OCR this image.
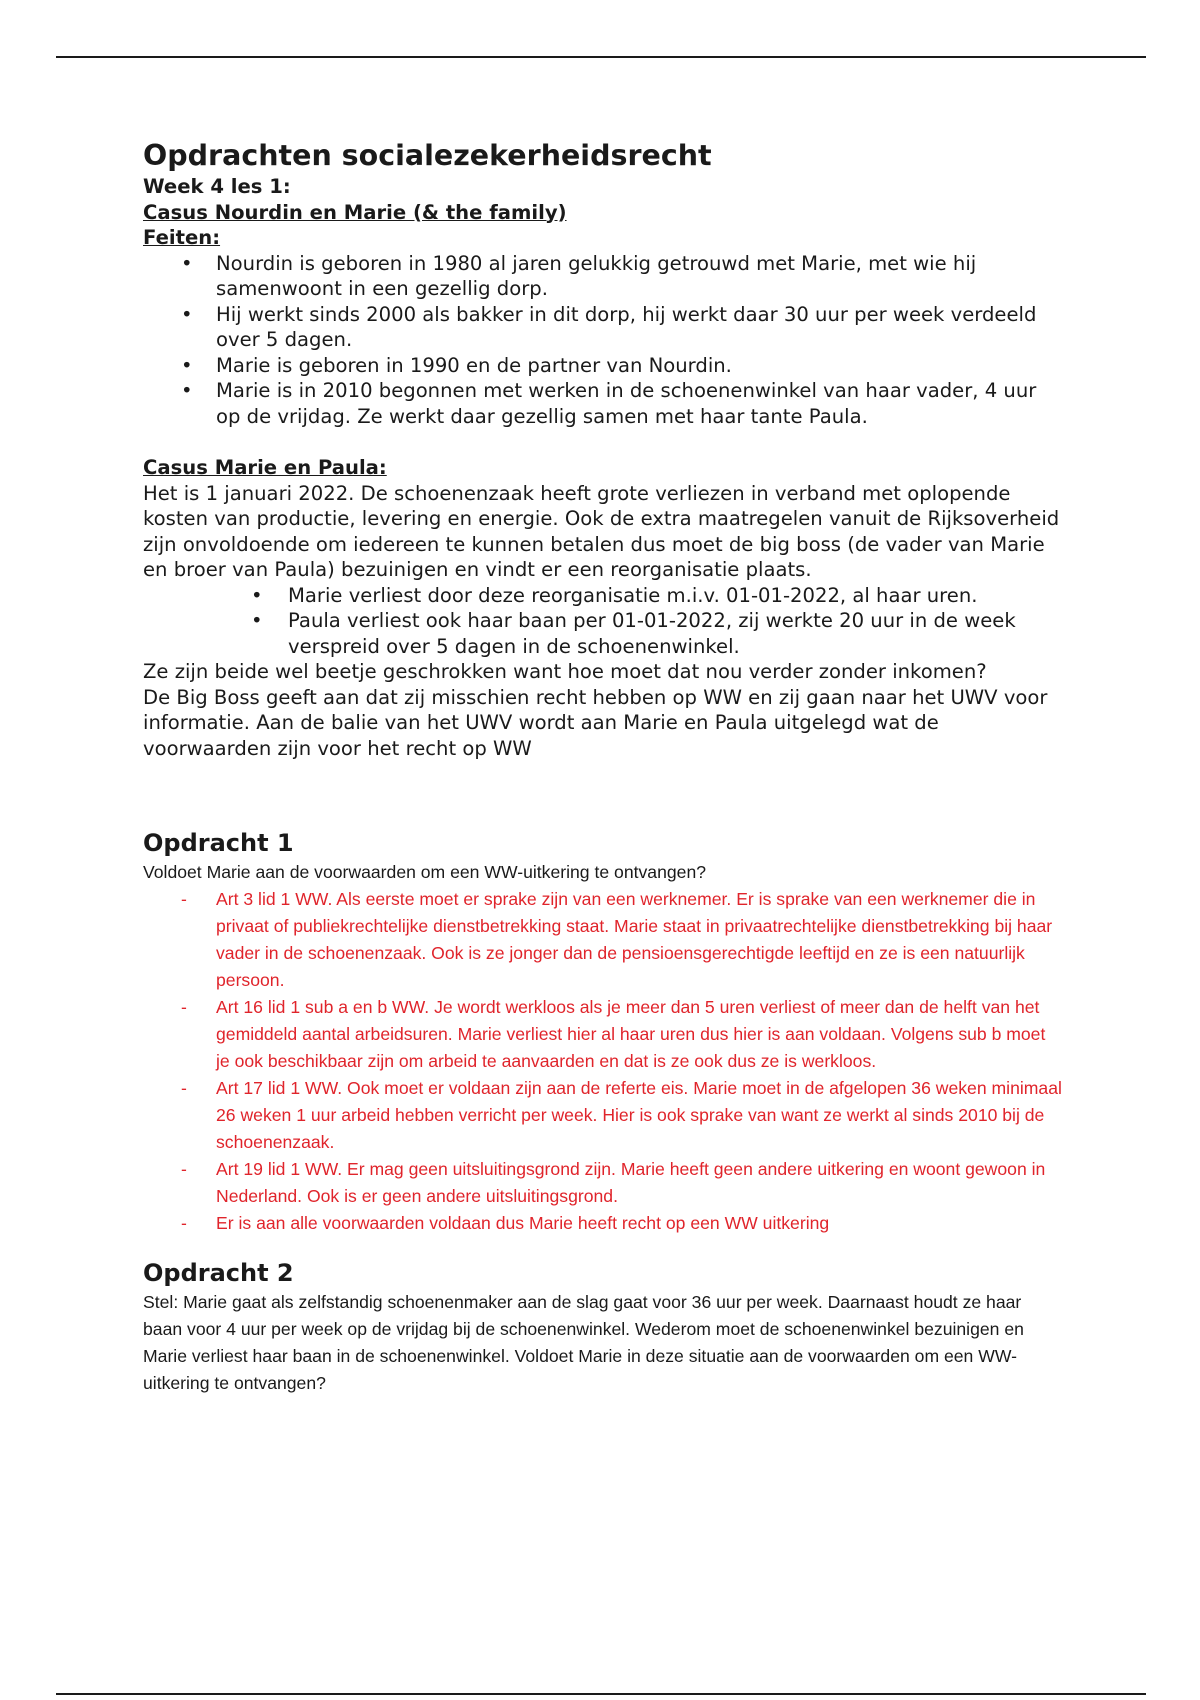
Opdrachten socialezekerheidsrecht
Week 4 les 1:
Casus Nourdin en Marie (& the family)
Feiten:
• Nourdin is geboren in 1980 al jaren gelukkig getrouwd met Marie, met wie hij samenwoont in een gezellig dorp.
• Hij werkt sinds 2000 als bakker in dit dorp, hij werkt daar 30 uur per week verdeeld over 5 dagen.
• Marie is geboren in 1990 en de partner van Nourdin.
• Marie is in 2010 begonnen met werken in de schoenenwinkel van haar vader, 4 uur op de vrijdag. Ze werkt daar gezellig samen met haar tante Paula.
Casus Marie en Paula:
Het is 1 januari 2022. De schoenenzaak heeft grote verliezen in verband met oplopende kosten van productie, levering en energie. Ook de extra maatregelen vanuit de Rijksoverheid zijn onvoldoende om iedereen te kunnen betalen dus moet de big boss (de vader van Marie en broer van Paula) bezuinigen en vindt er een reorganisatie plaats.
• Marie verliest door deze reorganisatie m.i.v. 01-01-2022, al haar uren.
• Paula verliest ook haar baan per 01-01-2022, zij werkte 20 uur in de week verspreid over 5 dagen in de schoenenwinkel.
Ze zijn beide wel beetje geschrokken want hoe moet dat nou verder zonder inkomen?
De Big Boss geeft aan dat zij misschien recht hebben op WW en zij gaan naar het UWV voor informatie. Aan de balie van het UWV wordt aan Marie en Paula uitgelegd wat de voorwaarden zijn voor het recht op WW
Opdracht 1
Voldoet Marie aan de voorwaarden om een WW-uitkering te ontvangen?
- Art 3 lid 1 WW. Als eerste moet er sprake zijn van een werknemer. Er is sprake van een werknemer die in privaat of publiekrechtelijke dienstbetrekking staat. Marie staat in privaatrechtelijke dienstbetrekking bij haar vader in de schoenenzaak. Ook is ze jonger dan de pensioensgerechtigde leeftijd en ze is een natuurlijk persoon.
- Art 16 lid 1 sub a en b WW. Je wordt werkloos als je meer dan 5 uren verliest of meer dan de helft van het gemiddeld aantal arbeidsuren. Marie verliest hier al haar uren dus hier is aan voldaan. Volgens sub b moet je ook beschikbaar zijn om arbeid te aanvaarden en dat is ze ook dus ze is werkloos.
- Art 17 lid 1 WW. Ook moet er voldaan zijn aan de referte eis. Marie moet in de afgelopen 36 weken minimaal 26 weken 1 uur arbeid hebben verricht per week. Hier is ook sprake van want ze werkt al sinds 2010 bij de schoenenzaak.
- Art 19 lid 1 WW. Er mag geen uitsluitingsgrond zijn. Marie heeft geen andere uitkering en woont gewoon in Nederland. Ook is er geen andere uitsluitingsgrond.
- Er is aan alle voorwaarden voldaan dus Marie heeft recht op een WW uitkering
Opdracht 2
Stel: Marie gaat als zelfstandig schoenenmaker aan de slag gaat voor 36 uur per week. Daarnaast houdt ze haar baan voor 4 uur per week op de vrijdag bij de schoenenwinkel. Wederom moet de schoenenwinkel bezuinigen en Marie verliest haar baan in de schoenenwinkel. Voldoet Marie in deze situatie aan de voorwaarden om een WW-uitkering te ontvangen?
